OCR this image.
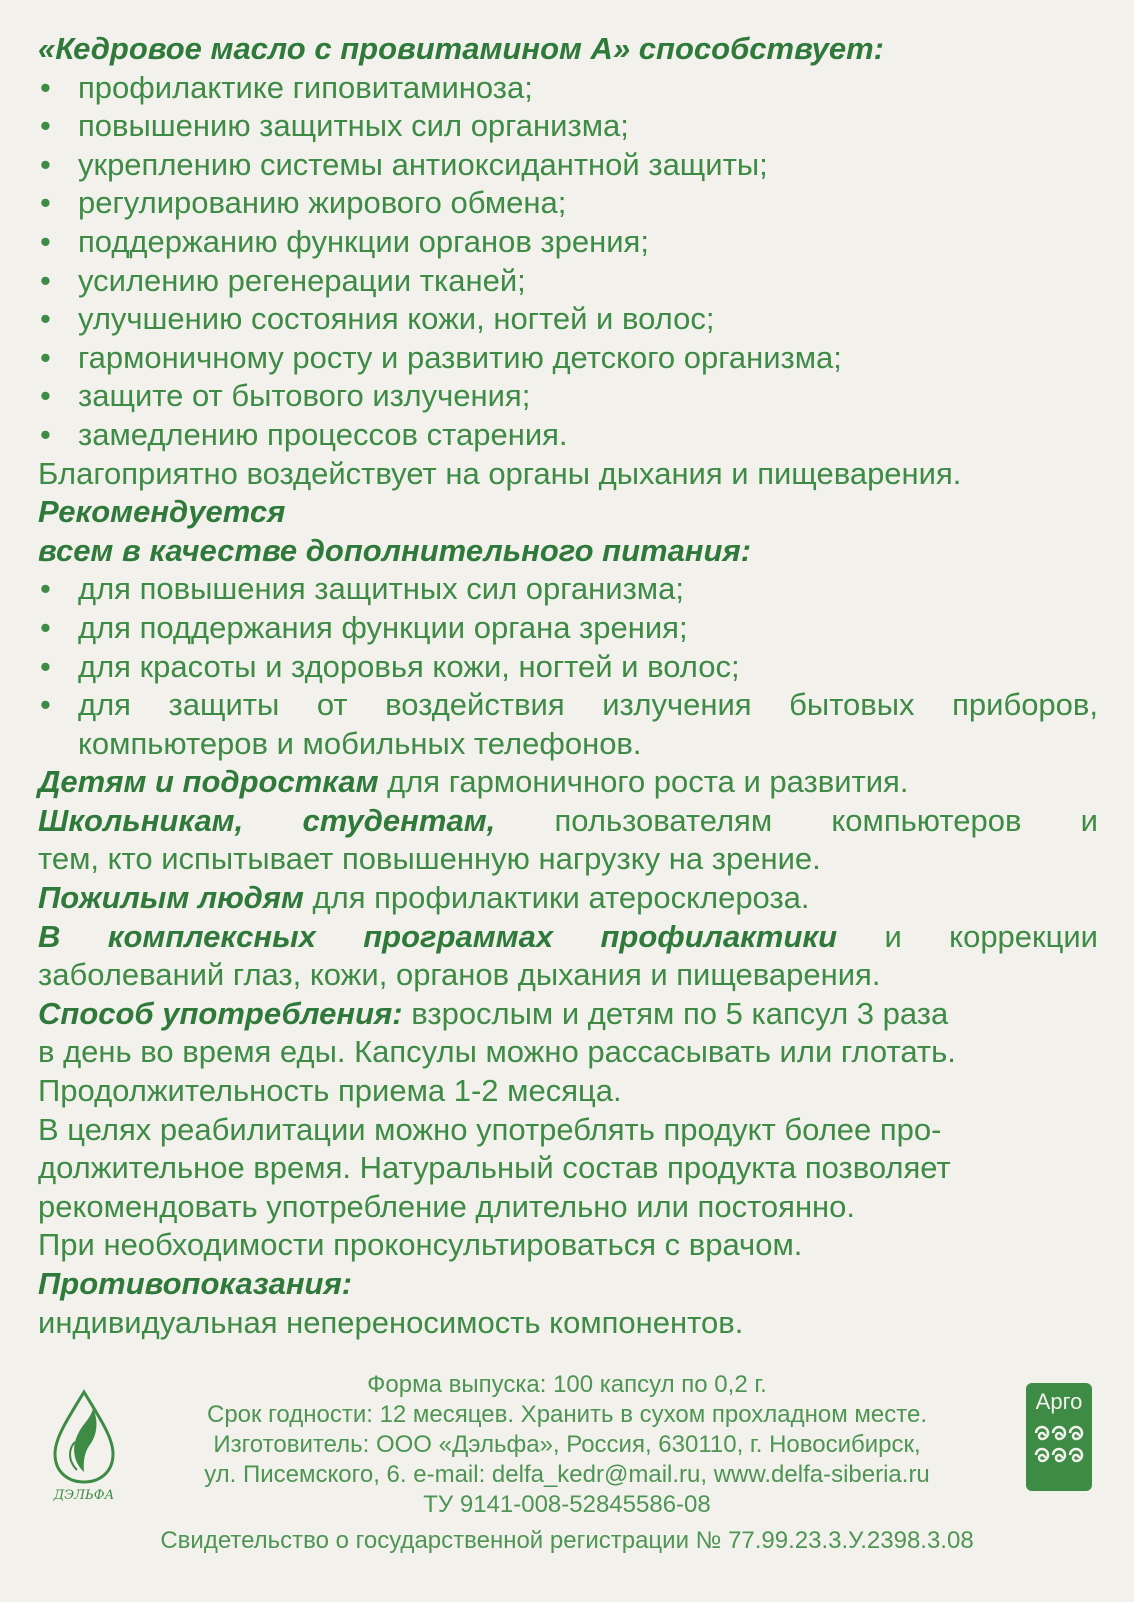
«Кедровое масло с провитамином А» способствует:

• профилактике гиповитаминоза;
• повышению защитных сил организма;
• укреплению системы антиоксидантной защиты;
• регулированию жирового обмена;
• поддержанию функции органов зрения;
• усилению регенерации тканей;
• улучшению состояния кожи, ногтей и волос;
• гармоничному росту и развитию детского организма;
• защите от бытового излучения;
• замедлению процессов старения.

Благоприятно воздействует на органы дыхания и пищеварения.

Рекомендуется

всем в качестве дополнительного питания:

• для повышения защитных сил организма;
• для поддержания функции органа зрения;
• для красоты и здоровья кожи, ногтей и волос;
• для защиты от воздействия излучения бытовых приборов,
компьютеров и мобильных телефонов.

Детям и подросткам для гармоничного роста и развития.

Школьникам, студентам, пользователям компьютеров и

тем, кто испытывает повышенную нагрузку на зрение.

Пожилым людям для профилактики атеросклероза.

В комплексных программах профилактики и коррекции

заболеваний глаз, кожи, органов дыхания и пищеварения.

Способ употребления: взрослым и детям по 5 капсул 3 раза

в день во время еды. Капсулы можно рассасывать или глотать.

Продолжительность приема 1-2 месяца.

В целях реабилитации можно употреблять продукт более про-

должительное время. Натуральный состав продукта позволяет

рекомендовать употребление длительно или постоянно.

При необходимости проконсультироваться с врачом.

Противопоказания:

индивидуальная непереносимость компонентов.

ДЭЛЬФА
Арго
Форма выпуска: 100 капсул по 0,2 г.
Срок годности: 12 месяцев. Хранить в сухом прохладном месте.
Изготовитель: ООО «Дэльфа», Россия, 630110, г. Новосибирск,
ул. Писемского, 6. e-mail: delfa_kedr@mail.ru, www.delfa-siberia.ru
ТУ 9141-008-52845586-08
Свидетельство о государственной регистрации № 77.99.23.3.У.2398.3.08
